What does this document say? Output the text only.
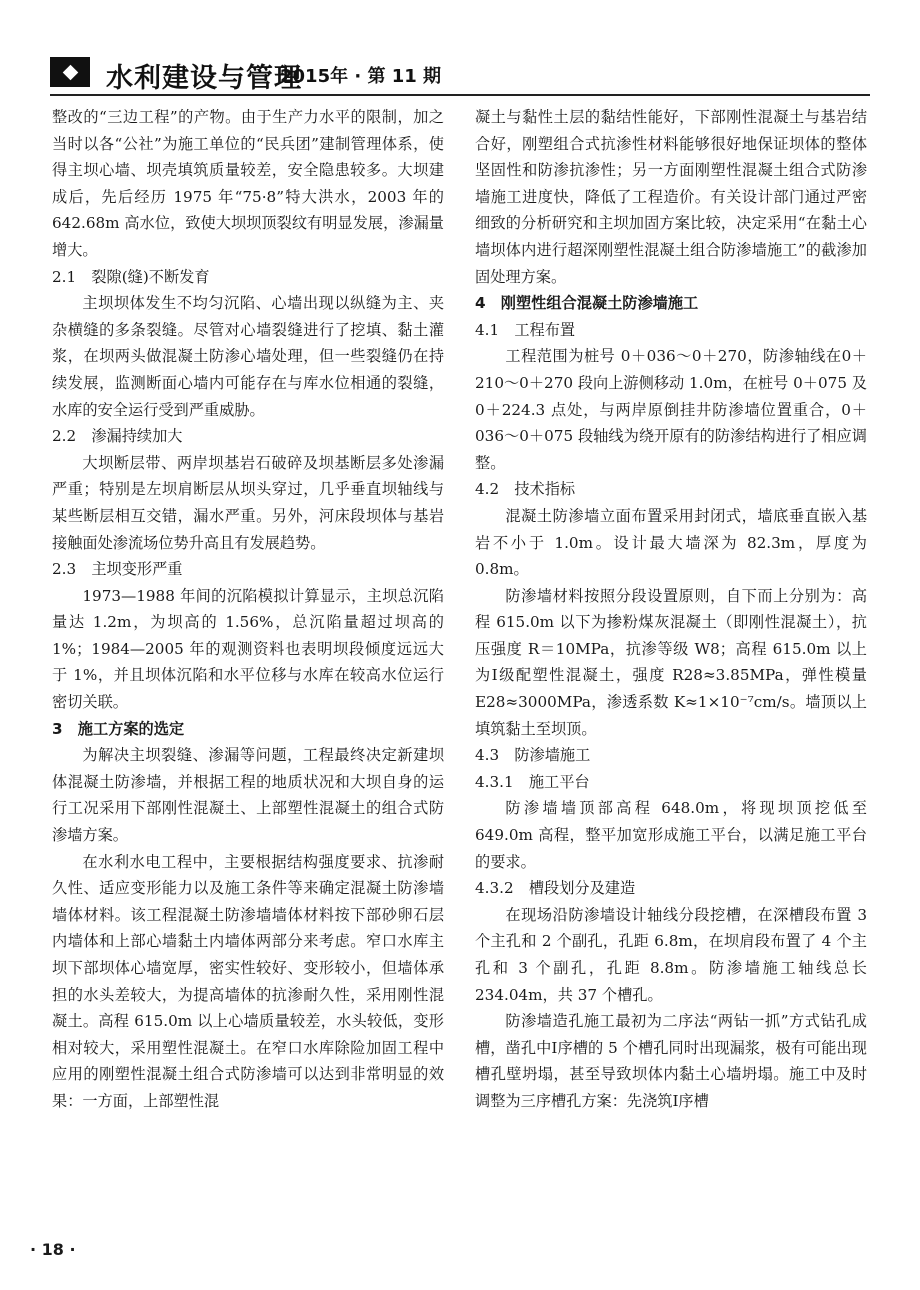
水利建设与管理
2015年 · 第 11 期

整改的“三边工程”的产物。由于生产力水平的限制，加之当时以各“公社”为施工单位的“民兵团”建制管理体系，使得主坝心墙、坝壳填筑质量较差，安全隐患较多。大坝建成后，先后经历 1975 年“75·8”特大洪水，2003 年的 642.68m 高水位，致使大坝坝顶裂纹有明显发展，渗漏量增大。

2.1　裂隙(缝)不断发育

主坝坝体发生不均匀沉陷、心墙出现以纵缝为主、夹杂横缝的多条裂缝。尽管对心墙裂缝进行了挖填、黏土灌浆，在坝两头做混凝土防渗心墙处理，但一些裂缝仍在持续发展，监测断面心墙内可能存在与库水位相通的裂缝，水库的安全运行受到严重威胁。

2.2　渗漏持续加大

大坝断层带、两岸坝基岩石破碎及坝基断层多处渗漏严重；特别是左坝肩断层从坝头穿过，几乎垂直坝轴线与某些断层相互交错，漏水严重。另外，河床段坝体与基岩接触面处渗流场位势升高且有发展趋势。

2.3　主坝变形严重

1973—1988 年间的沉陷模拟计算显示，主坝总沉陷量达 1.2m，为坝高的 1.56%，总沉陷量超过坝高的 1%；1984—2005 年的观测资料也表明坝段倾度远远大于 1%，并且坝体沉陷和水平位移与水库在较高水位运行密切关联。

3　施工方案的选定

为解决主坝裂缝、渗漏等问题，工程最终决定新建坝体混凝土防渗墙，并根据工程的地质状况和大坝自身的运行工况采用下部刚性混凝土、上部塑性混凝土的组合式防渗墙方案。

在水利水电工程中，主要根据结构强度要求、抗渗耐久性、适应变形能力以及施工条件等来确定混凝土防渗墙墙体材料。该工程混凝土防渗墙墙体材料按下部砂卵石层内墙体和上部心墙黏土内墙体两部分来考虑。窄口水库主坝下部坝体心墙宽厚，密实性较好、变形较小，但墙体承担的水头差较大，为提高墙体的抗渗耐久性，采用刚性混凝土。高程 615.0m 以上心墙质量较差，水头较低，变形相对较大，采用塑性混凝土。在窄口水库除险加固工程中应用的刚塑性混凝土组合式防渗墙可以达到非常明显的效果：一方面，上部塑性混

凝土与黏性土层的黏结性能好，下部刚性混凝土与基岩结合好，刚塑组合式抗渗性材料能够很好地保证坝体的整体坚固性和防渗抗渗性；另一方面刚塑性混凝土组合式防渗墙施工进度快，降低了工程造价。有关设计部门通过严密细致的分析研究和主坝加固方案比较，决定采用“在黏土心墙坝体内进行超深刚塑性混凝土组合防渗墙施工”的截渗加固处理方案。

4　刚塑性组合混凝土防渗墙施工

4.1　工程布置

工程范围为桩号 0＋036～0＋270，防渗轴线在0＋210～0＋270 段向上游侧移动 1.0m，在桩号 0＋075 及 0＋224.3 点处，与两岸原倒挂井防渗墙位置重合，0＋036～0＋075 段轴线为绕开原有的防渗结构进行了相应调整。

4.2　技术指标

混凝土防渗墙立面布置采用封闭式，墙底垂直嵌入基岩不小于 1.0m。设计最大墙深为 82.3m，厚度为 0.8m。

防渗墙材料按照分段设置原则，自下而上分别为：高程 615.0m 以下为掺粉煤灰混凝土（即刚性混凝土），抗压强度 R＝10MPa，抗渗等级 W8；高程 615.0m 以上为Ⅰ级配塑性混凝土，强度 R28≈3.85MPa，弹性模量 E28≈3000MPa，渗透系数 K≈1×10⁻⁷cm/s。墙顶以上填筑黏土至坝顶。

4.3　防渗墙施工

4.3.1　施工平台

防渗墙墙顶部高程 648.0m，将现坝顶挖低至 649.0m 高程，整平加宽形成施工平台，以满足施工平台的要求。

4.3.2　槽段划分及建造

在现场沿防渗墙设计轴线分段挖槽，在深槽段布置 3 个主孔和 2 个副孔，孔距 6.8m，在坝肩段布置了 4 个主孔和 3 个副孔，孔距 8.8m。防渗墙施工轴线总长 234.04m，共 37 个槽孔。

防渗墙造孔施工最初为二序法“两钻一抓”方式钻孔成槽，凿孔中Ⅰ序槽的 5 个槽孔同时出现漏浆，极有可能出现槽孔壁坍塌，甚至导致坝体内黏土心墙坍塌。施工中及时调整为三序槽孔方案：先浇筑Ⅰ序槽

· 18 ·
